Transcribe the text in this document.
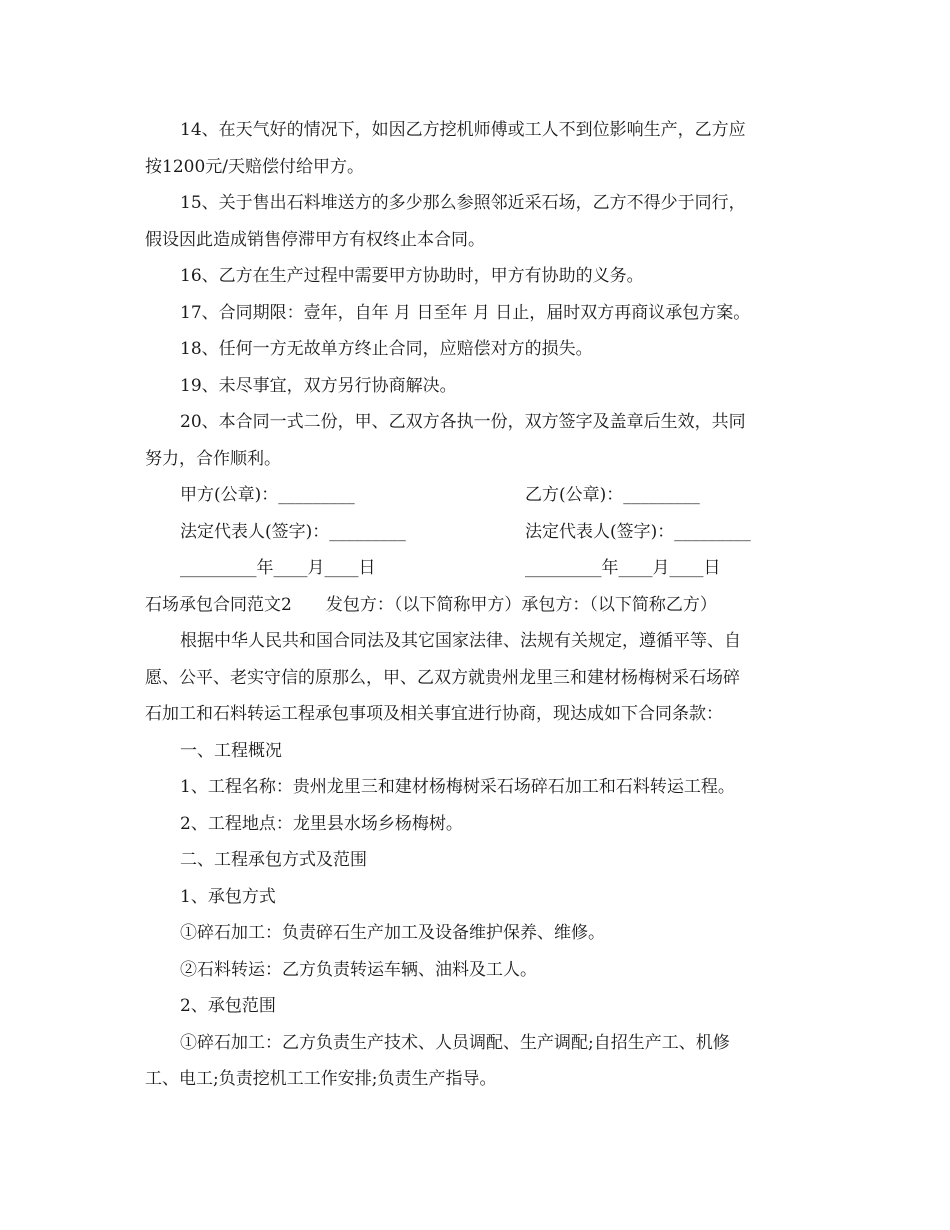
14、在天气好的情况下，如因乙方挖机师傅或工人不到位影响生产，乙方应

按1200元/天赔偿付给甲方。

15、关于售出石料堆送方的多少那么参照邻近采石场，乙方不得少于同行，

假设因此造成销售停滞甲方有权终止本合同。

16、乙方在生产过程中需要甲方协助时，甲方有协助的义务。

17、合同期限：壹年，自年 月 日至年 月 日止，届时双方再商议承包方案。

18、任何一方无故单方终止合同，应赔偿对方的损失。

19、未尽事宜，双方另行协商解决。

20、本合同一式二份，甲、乙双方各执一份，双方签字及盖章后生效，共同

努力，合作顺利。

甲方(公章)：_________	乙方(公章)：_________
法定代表人(签字)：_________	法定代表人(签字)：_________
_________年____月____日	_________年____月____日

石场承包合同范文2　　发包方：（以下简称甲方）承包方：（以下简称乙方）

根据中华人民共和国合同法及其它国家法律、法规有关规定，遵循平等、自

愿、公平、老实守信的原那么，甲、乙双方就贵州龙里三和建材杨梅树采石场碎

石加工和石料转运工程承包事项及相关事宜进行协商，现达成如下合同条款：

一、工程概况

1、工程名称：贵州龙里三和建材杨梅树采石场碎石加工和石料转运工程。

2、工程地点：龙里县水场乡杨梅树。

二、工程承包方式及范围

1、承包方式

①碎石加工：负责碎石生产加工及设备维护保养、维修。

②石料转运：乙方负责转运车辆、油料及工人。

2、承包范围

①碎石加工：乙方负责生产技术、人员调配、生产调配;自招生产工、机修

工、电工;负责挖机工工作安排;负责生产指导。
